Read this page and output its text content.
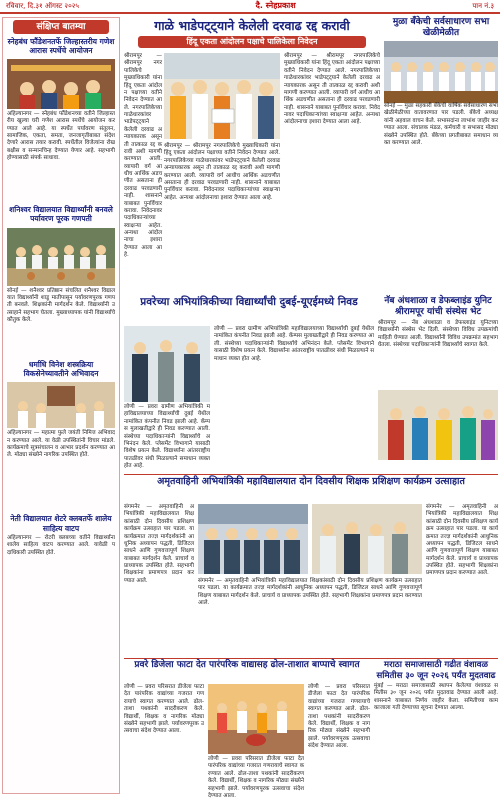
रविवार, दि.३१ ऑगस्ट २०२५	दै. स्नेहप्रकाश	पान नं.३
संक्षिप्त बातम्या
स्नेहबंध फौंडेशनतर्फे जिल्हास्तरीय गणेश आरास स्पर्धेचे आयोजन
अहिल्यानगर — स्नेहबंध फौंडेशनच्या वतीने जिल्हास्तरीय खुल्या घरी गणेश आरास स्पर्धेचे आयोजन करण्यात आले आहे. या स्पर्धेत पर्यावरण संतुलन, सामाजिक, एकता, समता, जनजागृतीबाबत संदेश देणारे आरास तयार करावी. स्पर्धेतील विजेत्यांना रोख बक्षीस व सन्मानचिन्ह देण्यात येणार आहे. सहभागी होण्यासाठी संपर्क साधावा.
शनिश्वर विद्यालयात विद्यार्थ्यांनी बनवले पर्यावरण पूरक गणपती
सोनई — शनैश्वर प्रतिष्ठान संचलित शनैश्वर विद्यालयात विद्यार्थ्यांनी शाडू मातीपासून पर्यावरणपूरक गणपती बनवले. शिक्षकांनी मार्गदर्शन केले. विद्यार्थ्यांनी उत्साहाने सहभाग घेतला. मुख्याध्यापक यांनी विद्यार्थ्यांचे कौतुक केले.
धर्माधि विनेश शस्त्रक्रिया विकसेनेच्यावतीने अभिवादन
अहिल्यानगर — महात्मा फुले जयंती निमित्त अभिवादन करण्यात आले. या वेळी उपस्थितांनी विचार मांडले. कार्यक्रमाचे सूत्रसंचालन व आभार प्रदर्शन करण्यात आले. मोठ्या संख्येने नागरिक उपस्थित होते.
नेती विद्यालयात शेटरे क्लबतर्फे शालेय साहित्य वाटप
अहिल्यानगर — रोटरी क्लबच्या वतीने विद्यार्थ्यांना शालेय साहित्य वाटप करण्यात आले. यावेळी पदाधिकारी उपस्थित होते.
गाळे भाडेपट्ट्याने केलेली दरवाढ रद्द करावी
हिंदू एकता आंदोलन पक्षाचे पालिकेला निवेदन
श्रीरामपूर — श्रीरामपूर नगरपालिकेचे मुख्याधिकारी यांना हिंदू एकता आंदोलन पक्षाच्या वतीने निवेदन देण्यात आले. नगरपालिकेच्या गाळेधारकांवर भाडेपट्ट्याने केलेली दरवाढ अन्यायकारक असून ती तात्काळ रद्द करावी अशी मागणी करण्यात आली. व्यापारी वर्ग आधीच आर्थिक अडचणीत असताना ही दरवाढ परवडणारी नाही. शासनाने याबाबत पुनर्विचार करावा. निवेदनावर पदाधिकाऱ्यांच्या स्वाक्षऱ्या आहेत. अन्यथा आंदोलनाचा इशारा देण्यात आला आहे.
श्रीरामपूर — श्रीरामपूर नगरपालिकेचे मुख्याधिकारी यांना हिंदू एकता आंदोलन पक्षाच्या वतीने निवेदन देण्यात आले. नगरपालिकेच्या गाळेधारकांवर भाडेपट्ट्याने केलेली दरवाढ अन्यायकारक असून ती तात्काळ रद्द करावी अशी मागणी करण्यात आली. व्यापारी वर्ग आधीच आर्थिक अडचणीत असताना ही दरवाढ परवडणारी नाही. शासनाने याबाबत पुनर्विचार करावा. निवेदनावर पदाधिकाऱ्यांच्या स्वाक्षऱ्या आहेत. अन्यथा आंदोलनाचा इशारा देण्यात आला आहे.
श्रीरामपूर — श्रीरामपूर नगरपालिकेचे मुख्याधिकारी यांना हिंदू एकता आंदोलन पक्षाच्या वतीने निवेदन देण्यात आले. नगरपालिकेच्या गाळेधारकांवर भाडेपट्ट्याने केलेली दरवाढ अन्यायकारक असून ती तात्काळ रद्द करावी अशी मागणी करण्यात आली. व्यापारी वर्ग आधीच आर्थिक अडचणीत असताना ही दरवाढ परवडणारी नाही. शासनाने याबाबत पुनर्विचार करावा. निवेदनावर पदाधिकाऱ्यांच्या स्वाक्षऱ्या आहेत. अन्यथा आंदोलनाचा इशारा देण्यात आला आहे.
मुळा बँकेची सर्वसाधारण सभा खेळीमेळीत
सोनई — मुळा सहकारी बँकेची वार्षिक सर्वसाधारण सभा खेळीमेळीच्या वातावरणात पार पडली. बँकेचे अध्यक्ष यांनी अहवाल वाचन केले. सभासदांना लाभांश जाहीर करण्यात आला. संचालक मंडळ, कर्मचारी व सभासद मोठ्या संख्येने उपस्थित होते. बँकेच्या प्रगतीबाबत समाधान व्यक्त करण्यात आले.
प्रवरेच्या अभियांत्रिकीच्या विद्यार्थ्यांची दुबई-यूएईमध्ये निवड
लोणी — प्रवरा ग्रामीण अभियांत्रिकी महाविद्यालयाच्या विद्यार्थ्यांची दुबई येथील नामांकित कंपनीत निवड झाली आहे. कॅम्पस मुलाखतीद्वारे ही निवड करण्यात आली. संस्थेच्या पदाधिकाऱ्यांनी विद्यार्थ्यांचे अभिनंदन केले. प्लेसमेंट विभागाने यासाठी विशेष प्रयत्न केले. विद्यार्थ्यांना आंतरराष्ट्रीय पातळीवर संधी मिळाल्याने समाधान व्यक्त होत आहे.
लोणी — प्रवरा ग्रामीण अभियांत्रिकी महाविद्यालयाच्या विद्यार्थ्यांची दुबई येथील नामांकित कंपनीत निवड झाली आहे. कॅम्पस मुलाखतीद्वारे ही निवड करण्यात आली. संस्थेच्या पदाधिकाऱ्यांनी विद्यार्थ्यांचे अभिनंदन केले. प्लेसमेंट विभागाने यासाठी विशेष प्रयत्न केले. विद्यार्थ्यांना आंतरराष्ट्रीय पातळीवर संधी मिळाल्याने समाधान व्यक्त होत आहे.
नॅब अंधशाळा व डेफब्लाइंड युनिट श्रीरामपूर यांची संस्थेस भेट
श्रीरामपूर — नॅब अंधशाळा व डेफब्लाइंड युनिटच्या विद्यार्थ्यांनी संस्थेस भेट दिली. संस्थेच्या विविध उपक्रमांची माहिती घेण्यात आली. विद्यार्थ्यांनी विविध उपक्रमांत सहभाग घेतला. संस्थेच्या पदाधिकाऱ्यांनी विद्यार्थ्यांचे स्वागत केले.
अमृतवाहिनी अभियांत्रिकी महाविद्यालयात दोन दिवसीय शिक्षक प्रशिक्षण कार्यक्रम उत्साहात
संगमनेर — अमृतवाहिनी अभियांत्रिकी महाविद्यालयात शिक्षकांसाठी दोन दिवसीय प्रशिक्षण कार्यक्रम उत्साहात पार पडला. या कार्यक्रमात तज्ज्ञ मार्गदर्शकांनी आधुनिक अध्यापन पद्धती, डिजिटल साधने आणि गुणवत्तापूर्ण शिक्षण याबाबत मार्गदर्शन केले. प्राचार्य व प्राध्यापक उपस्थित होते. सहभागी शिक्षकांना प्रमाणपत्र प्रदान करण्यात आले.	संगमनेर — अमृतवाहिनी अभियांत्रिकी महाविद्यालयात शिक्षकांसाठी दोन दिवसीय प्रशिक्षण कार्यक्रम उत्साहात पार पडला. या कार्यक्रमात तज्ज्ञ मार्गदर्शकांनी आधुनिक अध्यापन पद्धती, डिजिटल साधने आणि गुणवत्तापूर्ण शिक्षण याबाबत मार्गदर्शन केले. प्राचार्य व प्राध्यापक उपस्थित होते. सहभागी शिक्षकांना प्रमाणपत्र प्रदान करण्यात आले.
संगमनेर — अमृतवाहिनी अभियांत्रिकी महाविद्यालयात शिक्षकांसाठी दोन दिवसीय प्रशिक्षण कार्यक्रम उत्साहात पार पडला. या कार्यक्रमात तज्ज्ञ मार्गदर्शकांनी आधुनिक अध्यापन पद्धती, डिजिटल साधने आणि गुणवत्तापूर्ण शिक्षण याबाबत मार्गदर्शन केले. प्राचार्य व प्राध्यापक उपस्थित होते. सहभागी शिक्षकांना प्रमाणपत्र प्रदान करण्यात आले.
प्रवरे डिजेला फाटा देत पारंपरिक वाद्यासह ढोल-ताशात बाप्पाचे स्वागत
लोणी — प्रवरा परिसरात डीजेला फाटा देत पारंपरिक वाद्यांच्या गजरात गणरायाचे स्वागत करण्यात आले. ढोल-ताशा पथकांनी सादरीकरण केले. विद्यार्थी, शिक्षक व नागरिक मोठ्या संख्येने सहभागी झाले. पर्यावरणपूरक उत्सवाचा संदेश देण्यात आला.
लोणी — प्रवरा परिसरात डीजेला फाटा देत पारंपरिक वाद्यांच्या गजरात गणरायाचे स्वागत करण्यात आले. ढोल-ताशा पथकांनी सादरीकरण केले. विद्यार्थी, शिक्षक व नागरिक मोठ्या संख्येने सहभागी झाले. पर्यावरणपूरक उत्सवाचा संदेश देण्यात आला.
लोणी — प्रवरा परिसरात डीजेला फाटा देत पारंपरिक वाद्यांच्या गजरात गणरायाचे स्वागत करण्यात आले. ढोल-ताशा पथकांनी सादरीकरण केले. विद्यार्थी, शिक्षक व नागरिक मोठ्या संख्येने सहभागी झाले. पर्यावरणपूरक उत्सवाचा संदेश देण्यात आला.
मराठा समाजासाठी गढीत वंशावळ समितीस ३० जून २०२६ पर्यंत मुदतवाढ
मुंबई — मराठा समाजासाठी स्थापन केलेल्या वंशावळ समितीस ३० जून २०२६ पर्यंत मुदतवाढ देण्यात आली आहे. शासनाने याबाबत निर्णय जाहीर केला. समितीच्या कामकाजाला गती देण्याच्या सूचना देण्यात आल्या.
